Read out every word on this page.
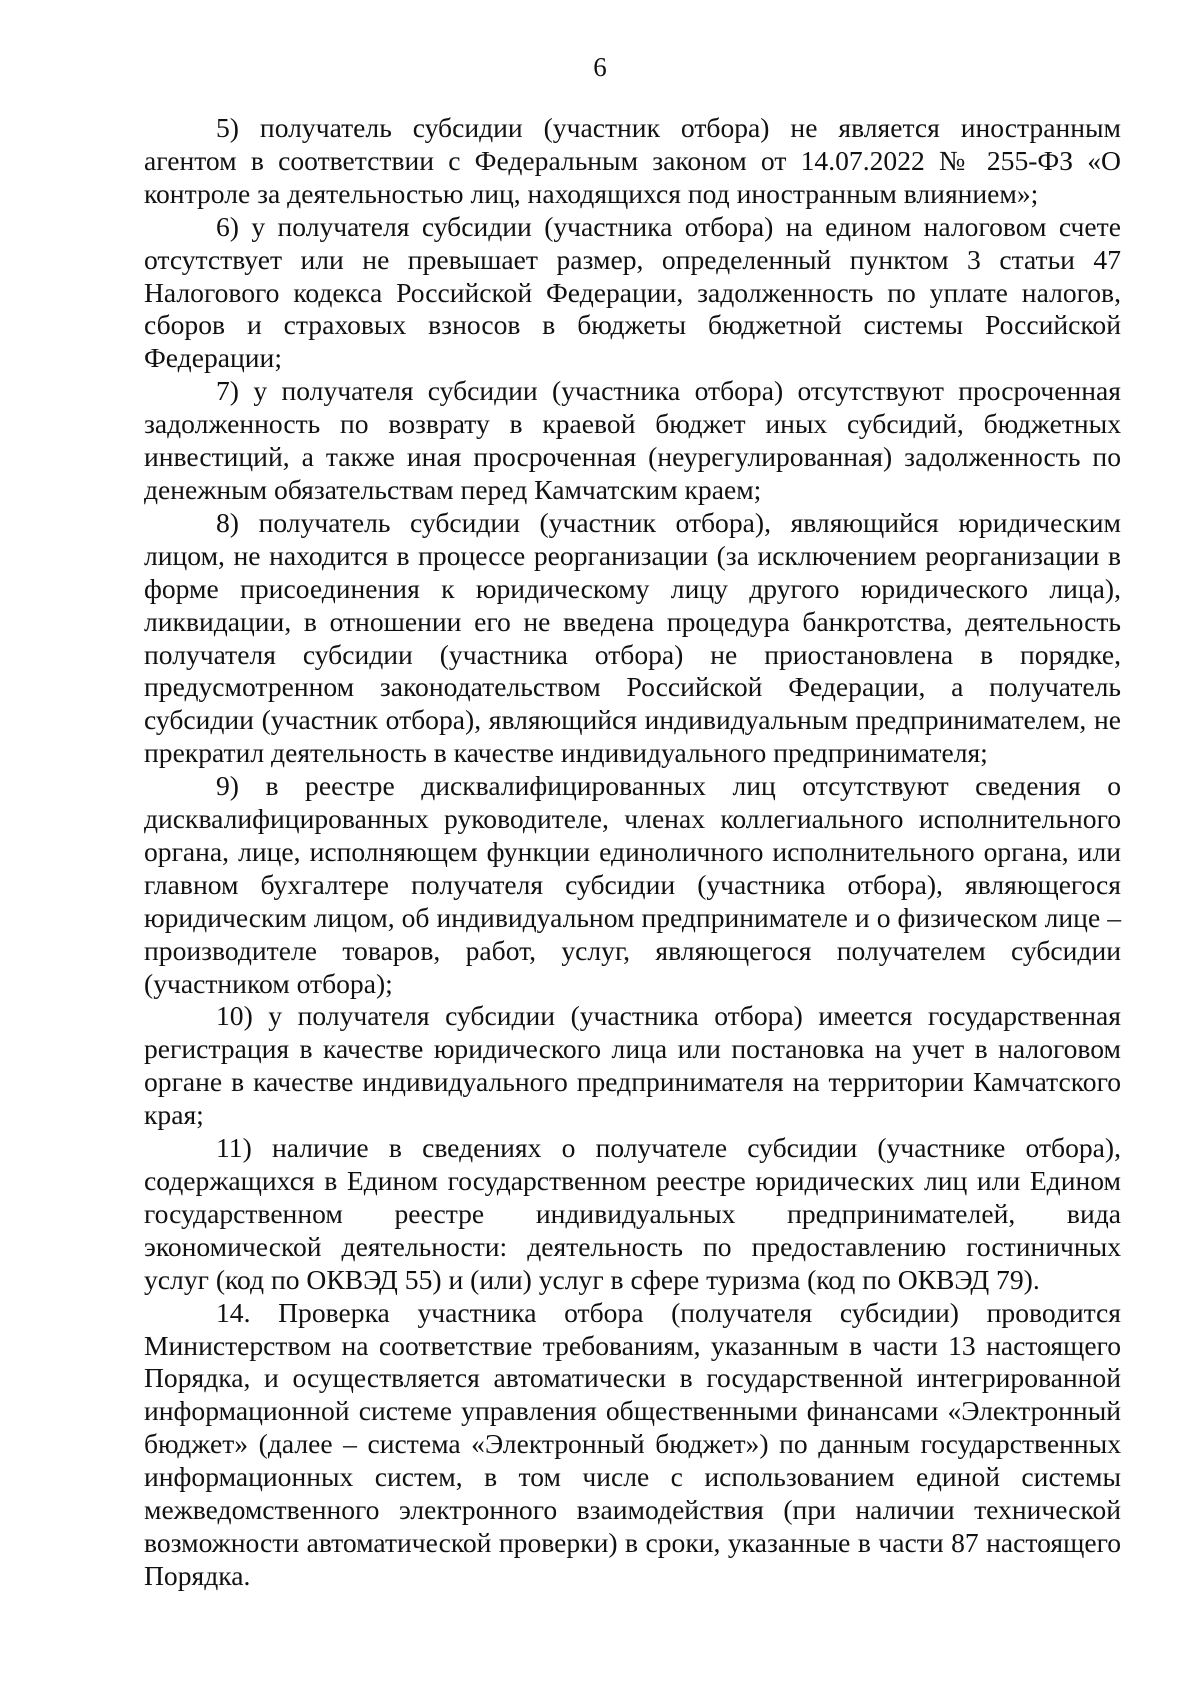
6

5) получатель субсидии (участник отбора) не является иностранным агентом в соответствии с Федеральным законом от 14.07.2022 № 255-ФЗ «О контроле за деятельностью лиц, находящихся под иностранным влиянием»;

6) у получателя субсидии (участника отбора) на едином налоговом счете отсутствует или не превышает размер, определенный пунктом 3 статьи 47 Налогового кодекса Российской Федерации, задолженность по уплате налогов, сборов и страховых взносов в бюджеты бюджетной системы Российской Федерации;

7) у получателя субсидии (участника отбора) отсутствуют просроченная задолженность по возврату в краевой бюджет иных субсидий, бюджетных инвестиций, а также иная просроченная (неурегулированная) задолженность по денежным обязательствам перед Камчатским краем;

8) получатель субсидии (участник отбора), являющийся юридическим лицом, не находится в процессе реорганизации (за исключением реорганизации в форме присоединения к юридическому лицу другого юридического лица), ликвидации, в отношении его не введена процедура банкротства, деятельность получателя субсидии (участника отбора) не приостановлена в порядке, предусмотренном законодательством Российской Федерации, а получатель субсидии (участник отбора), являющийся индивидуальным предпринимателем, не прекратил деятельность в качестве индивидуального предпринимателя;

9) в реестре дисквалифицированных лиц отсутствуют сведения о дисквалифицированных руководителе, членах коллегиального исполнительного органа, лице, исполняющем функции единоличного исполнительного органа, или главном бухгалтере получателя субсидии (участника отбора), являющегося юридическим лицом, об индивидуальном предпринимателе и о физическом лице – производителе товаров, работ, услуг, являющегося получателем субсидии (участником отбора);

10) у получателя субсидии (участника отбора) имеется государственная регистрация в качестве юридического лица или постановка на учет в налоговом органе в качестве индивидуального предпринимателя на территории Камчатского края;

11) наличие в сведениях о получателе субсидии (участнике отбора), содержащихся в Едином государственном реестре юридических лиц или Едином государственном реестре индивидуальных предпринимателей, вида экономической деятельности: деятельность по предоставлению гостиничных услуг (код по ОКВЭД 55) и (или) услуг в сфере туризма (код по ОКВЭД 79).

14. Проверка участника отбора (получателя субсидии) проводится Министерством на соответствие требованиям, указанным в части 13 настоящего Порядка, и осуществляется автоматически в государственной интегрированной информационной системе управления общественными финансами «Электронный бюджет» (далее – система «Электронный бюджет») по данным государственных информационных систем, в том числе с использованием единой системы межведомственного электронного взаимодействия (при наличии технической возможности автоматической проверки) в сроки, указанные в части 87 настоящего Порядка.
